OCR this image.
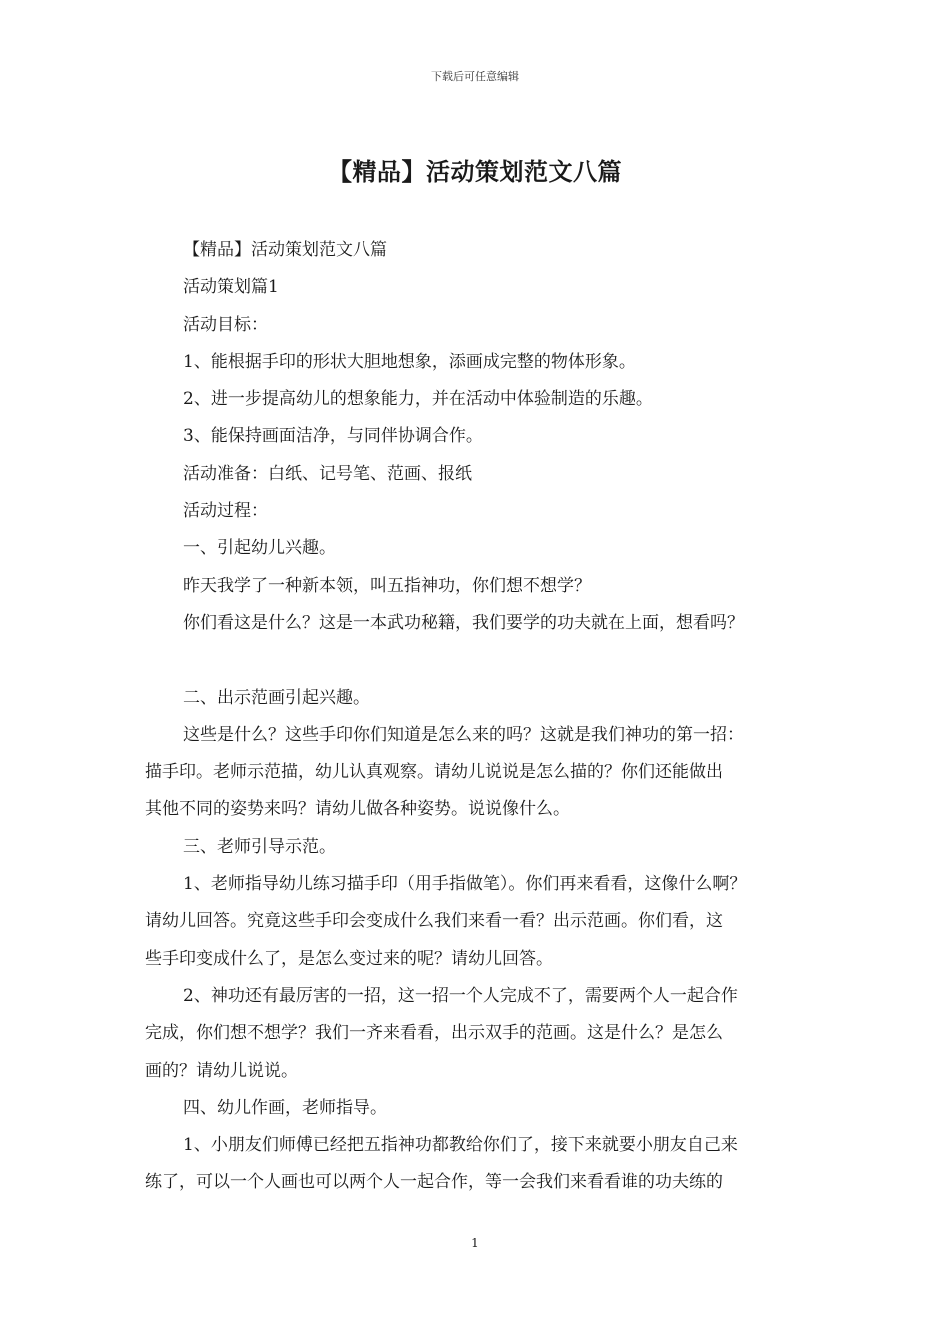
下载后可任意编辑
【精品】活动策划范文八篇
【精品】活动策划范文八篇
活动策划篇1
活动目标：
1、能根据手印的形状大胆地想象，添画成完整的物体形象。
2、进一步提高幼儿的想象能力，并在活动中体验制造的乐趣。
3、能保持画面洁净，与同伴协调合作。
活动准备：白纸、记号笔、范画、报纸
活动过程：
一、引起幼儿兴趣。
昨天我学了一种新本领，叫五指神功，你们想不想学？
你们看这是什么？这是一本武功秘籍，我们要学的功夫就在上面，想看吗？
二、出示范画引起兴趣。
这些是什么？这些手印你们知道是怎么来的吗？这就是我们神功的第一招：
描手印。老师示范描，幼儿认真观察。请幼儿说说是怎么描的？你们还能做出
其他不同的姿势来吗？请幼儿做各种姿势。说说像什么。
三、老师引导示范。
1、老师指导幼儿练习描手印（用手指做笔）。你们再来看看，这像什么啊？
请幼儿回答。究竟这些手印会变成什么我们来看一看？出示范画。你们看，这
些手印变成什么了，是怎么变过来的呢？请幼儿回答。
2、神功还有最厉害的一招，这一招一个人完成不了，需要两个人一起合作
完成，你们想不想学？我们一齐来看看，出示双手的范画。这是什么？是怎么
画的？请幼儿说说。
四、幼儿作画，老师指导。
1、小朋友们师傅已经把五指神功都教给你们了，接下来就要小朋友自己来
练了，可以一个人画也可以两个人一起合作，等一会我们来看看谁的功夫练的
1
